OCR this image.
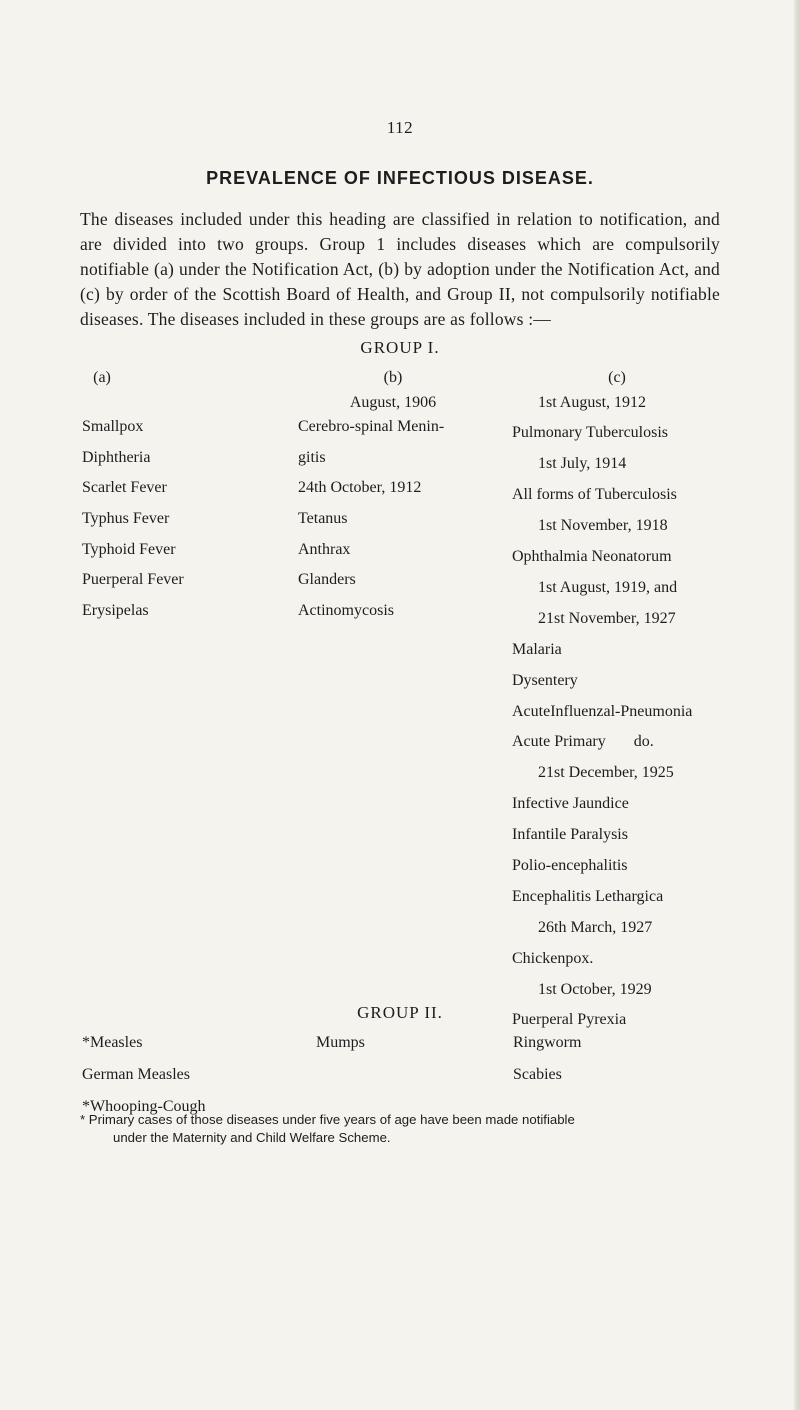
112
PREVALENCE OF INFECTIOUS DISEASE.

The diseases included under this heading are classified in relation to notification, and are divided into two groups. Group 1 includes diseases which are compulsorily notifiable (a) under the Notification Act, (b) by adoption under the Notification Act, and (c) by order of the Scottish Board of Health, and Group II, not compulsorily notifiable diseases. The diseases included in these groups are as follows :—

GROUP I.
(a)
Smallpox
Diphtheria
Scarlet Fever
Typhus Fever
Typhoid Fever
Puerperal Fever
Erysipelas
(b)
August, 1906
Cerebro-spinal Menin-
gitis
24th October, 1912
Tetanus
Anthrax
Glanders
Actinomycosis
(c)
1st August, 1912
Pulmonary Tuberculosis
1st July, 1914
All forms of Tuberculosis
1st November, 1918
Ophthalmia Neonatorum
1st August, 1919, and
21st November, 1927
Malaria
Dysentery
AcuteInfluenzal-Pneumonia
Acute Primary       do.
21st December, 1925
Infective Jaundice
Infantile Paralysis
Polio-encephalitis
Encephalitis Lethargica
26th March, 1927
Chickenpox.
1st October, 1929
Puerperal Pyrexia
GROUP II.
*Measles
German Measles
*Whooping-Cough
Mumps	Ringworm
Scabies
* Primary cases of those diseases under five years of age have been made notifiable
under the Maternity and Child Welfare Scheme.
